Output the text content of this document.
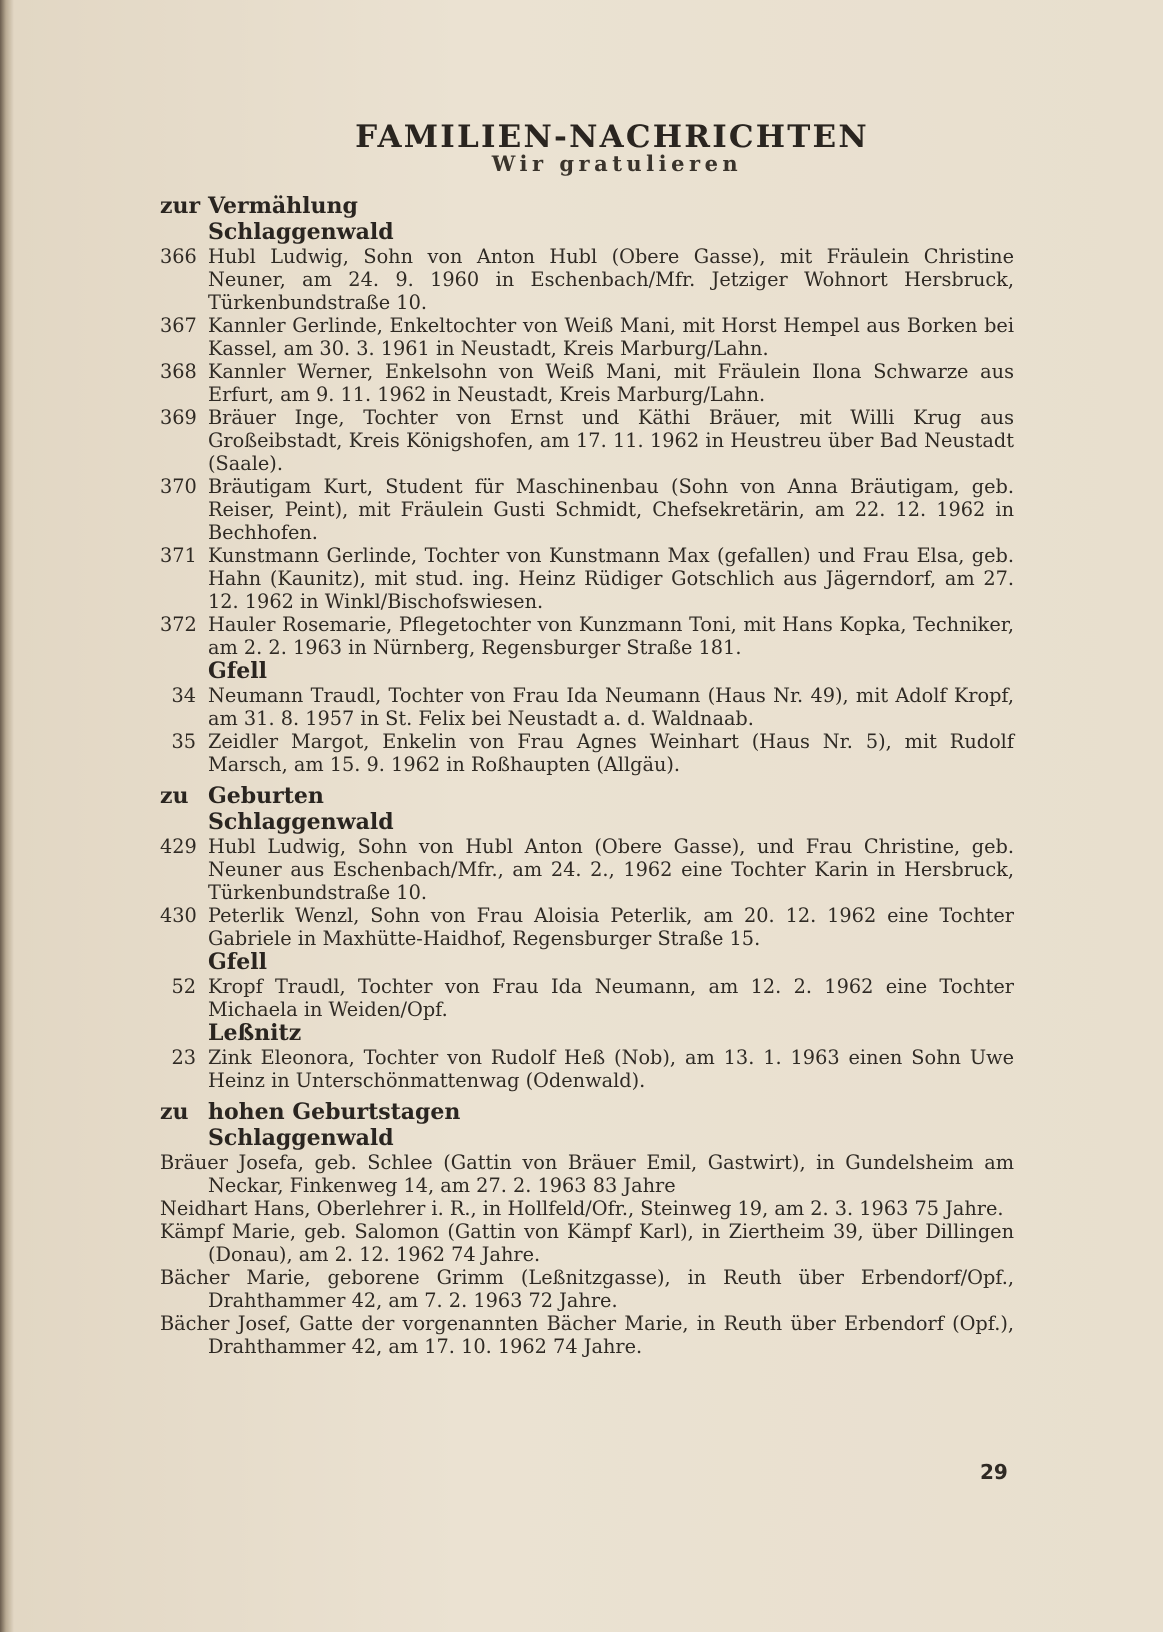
FAMILIEN-NACHRICHTEN
Wir gratulieren
zur Vermählung
Schlaggenwald
366 Hubl Ludwig, Sohn von Anton Hubl (Obere Gasse), mit Fräulein Christine Neuner, am 24. 9. 1960 in Eschenbach/Mfr. Jetziger Wohnort Hersbruck, Türkenbundstraße 10.
367 Kannler Gerlinde, Enkeltochter von Weiß Mani, mit Horst Hempel aus Borken bei Kassel, am 30. 3. 1961 in Neustadt, Kreis Marburg/Lahn.
368 Kannler Werner, Enkelsohn von Weiß Mani, mit Fräulein Ilona Schwarze aus Erfurt, am 9. 11. 1962 in Neustadt, Kreis Marburg/Lahn.
369 Bräuer Inge, Tochter von Ernst und Käthi Bräuer, mit Willi Krug aus Großeibstadt, Kreis Königshofen, am 17. 11. 1962 in Heustreu über Bad Neustadt (Saale).
370 Bräutigam Kurt, Student für Maschinenbau (Sohn von Anna Bräutigam, geb. Reiser, Peint), mit Fräulein Gusti Schmidt, Chefsekretärin, am 22. 12. 1962 in Bechhofen.
371 Kunstmann Gerlinde, Tochter von Kunstmann Max (gefallen) und Frau Elsa, geb. Hahn (Kaunitz), mit stud. ing. Heinz Rüdiger Gotschlich aus Jägerndorf, am 27. 12. 1962 in Winkl/Bischofswiesen.
372 Hauler Rosemarie, Pflegetochter von Kunzmann Toni, mit Hans Kopka, Techniker, am 2. 2. 1963 in Nürnberg, Regensburger Straße 181.
Gfell
34 Neumann Traudl, Tochter von Frau Ida Neumann (Haus Nr. 49), mit Adolf Kropf, am 31. 8. 1957 in St. Felix bei Neustadt a. d. Waldnaab.
35 Zeidler Margot, Enkelin von Frau Agnes Weinhart (Haus Nr. 5), mit Rudolf Marsch, am 15. 9. 1962 in Roßhaupten (Allgäu).
zu Geburten
Schlaggenwald
429 Hubl Ludwig, Sohn von Hubl Anton (Obere Gasse), und Frau Christine, geb. Neuner aus Eschenbach/Mfr., am 24. 2., 1962 eine Tochter Karin in Hersbruck, Türkenbundstraße 10.
430 Peterlik Wenzl, Sohn von Frau Aloisia Peterlik, am 20. 12. 1962 eine Tochter Gabriele in Maxhütte-Haidhof, Regensburger Straße 15.
Gfell
52 Kropf Traudl, Tochter von Frau Ida Neumann, am 12. 2. 1962 eine Tochter Michaela in Weiden/Opf.
Leßnitz
23 Zink Eleonora, Tochter von Rudolf Heß (Nob), am 13. 1. 1963 einen Sohn Uwe Heinz in Unterschönmattenwag (Odenwald).
zu hohen Geburtstagen
Schlaggenwald
Bräuer Josefa, geb. Schlee (Gattin von Bräuer Emil, Gastwirt), in Gundelsheim am Neckar, Finkenweg 14, am 27. 2. 1963 83 Jahre
Neidhart Hans, Oberlehrer i. R., in Hollfeld/Ofr., Steinweg 19, am 2. 3. 1963 75 Jahre.
Kämpf Marie, geb. Salomon (Gattin von Kämpf Karl), in Ziertheim 39, über Dillingen (Donau), am 2. 12. 1962 74 Jahre.
Bächer Marie, geborene Grimm (Leßnitzgasse), in Reuth über Erbendorf/Opf., Drahthammer 42, am 7. 2. 1963 72 Jahre.
Bächer Josef, Gatte der vorgenannten Bächer Marie, in Reuth über Erbendorf (Opf.), Drahthammer 42, am 17. 10. 1962 74 Jahre.
29
